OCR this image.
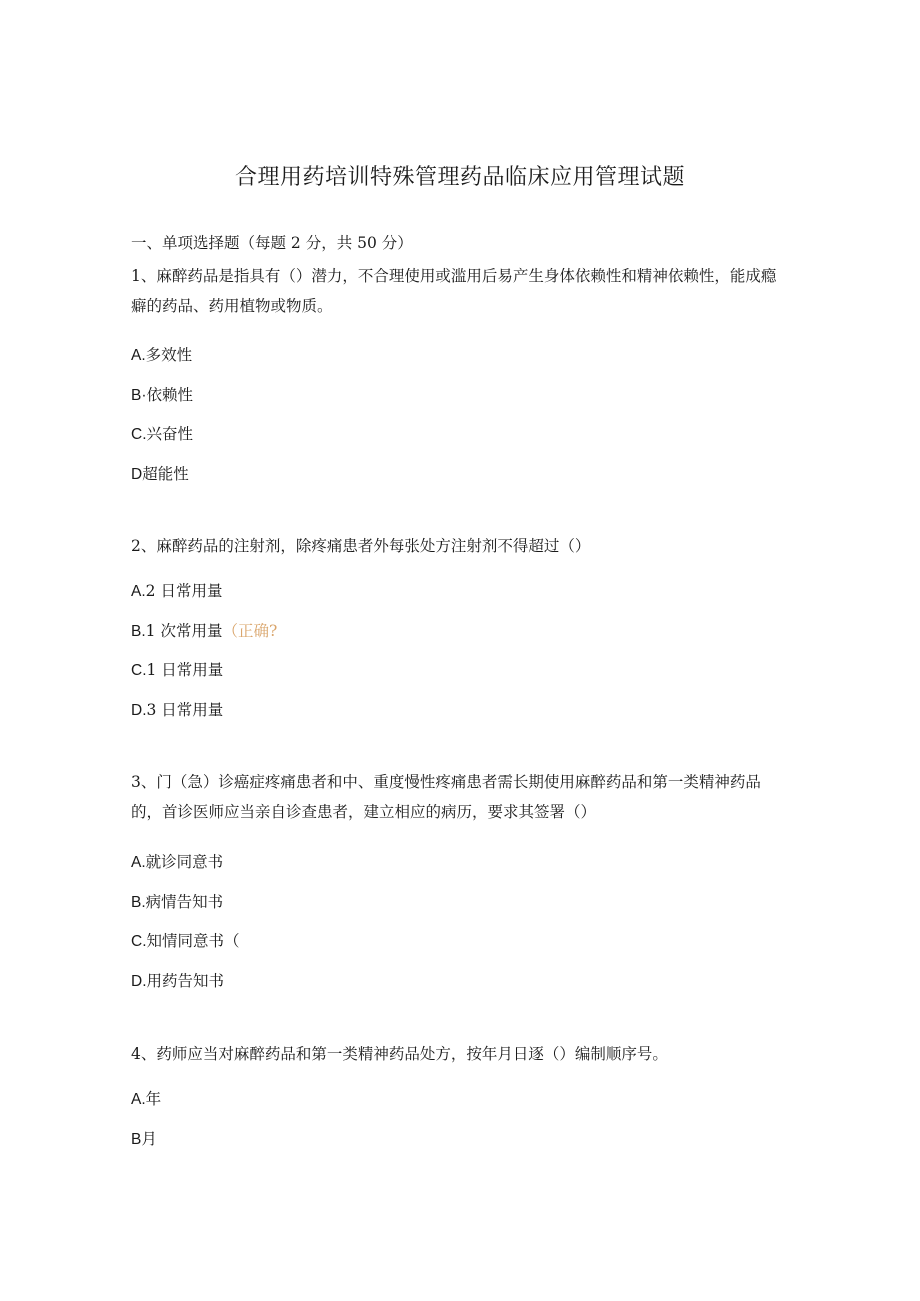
合理用药培训特殊管理药品临床应用管理试题

一、单项选择题（每题 2 分，共 50 分）

1、麻醉药品是指具有（）潜力，不合理使用或滥用后易产生身体依赖性和精神依赖性，能成瘾癖的药品、药用植物或物质。

A.多效性

B·依赖性

C.兴奋性

D超能性

2、麻醉药品的注射剂，除疼痛患者外每张处方注射剂不得超过（）

A.2 日常用量

B.1 次常用量（正确?

C.1 日常用量

D.3 日常用量

3、门（急）诊癌症疼痛患者和中、重度慢性疼痛患者需长期使用麻醉药品和第一类精神药品的，首诊医师应当亲自诊查患者，建立相应的病历，要求其签署（）

A.就诊同意书

B.病情告知书

C.知情同意书（

D.用药告知书

4、药师应当对麻醉药品和第一类精神药品处方，按年月日逐（）编制顺序号。

A.年

B月
